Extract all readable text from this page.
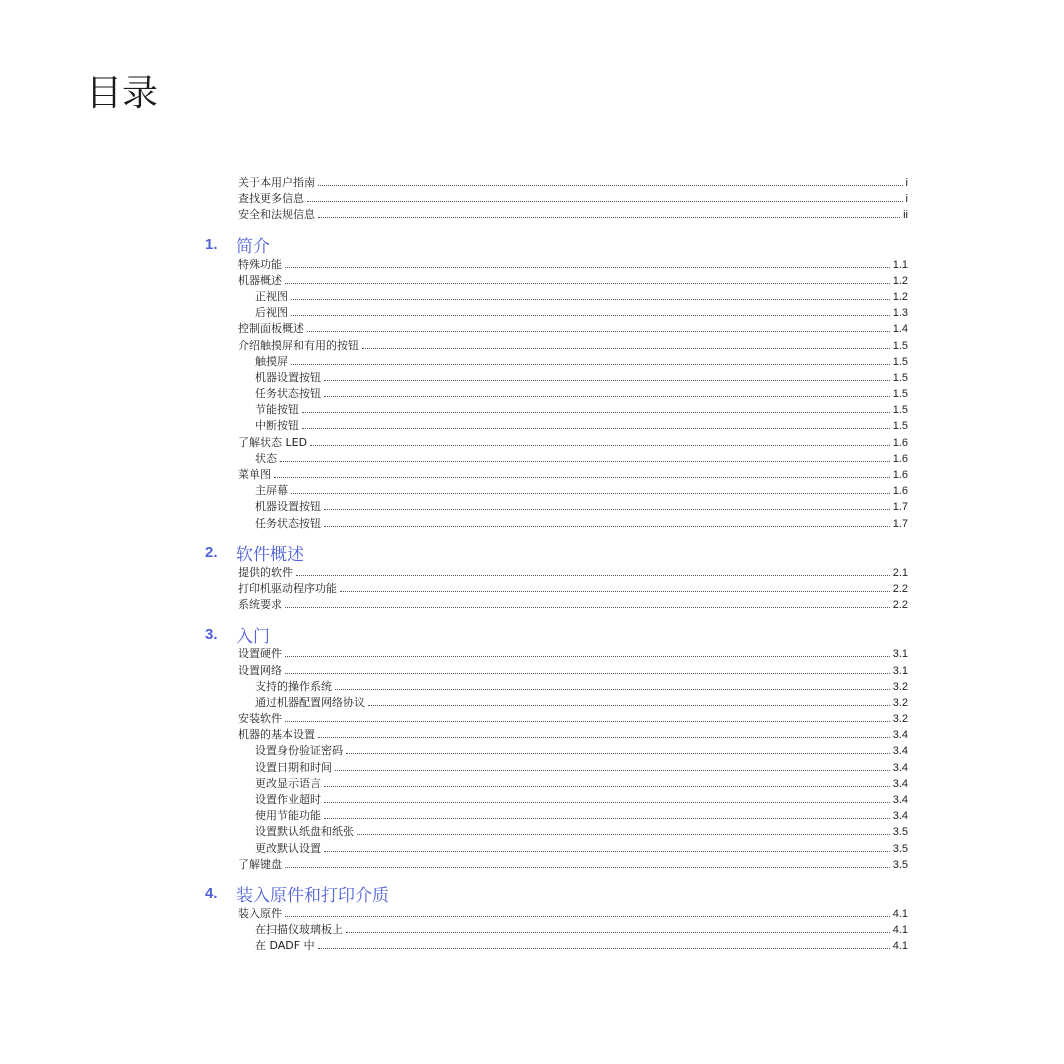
目录
关于本用户指南	i
查找更多信息	i
安全和法规信息	ii
1.	简介
特殊功能	1.1
机器概述	1.2
正视图	1.2
后视图	1.3
控制面板概述	1.4
介绍触摸屏和有用的按钮	1.5
触摸屏	1.5
机器设置按钮	1.5
任务状态按钮	1.5
节能按钮	1.5
中断按钮	1.5
了解状态 LED	1.6
状态	1.6
菜单图	1.6
主屏幕	1.6
机器设置按钮	1.7
任务状态按钮	1.7
2.	软件概述
提供的软件	2.1
打印机驱动程序功能	2.2
系统要求	2.2
3.	入门
设置硬件	3.1
设置网络	3.1
支持的操作系统	3.2
通过机器配置网络协议	3.2
安装软件	3.2
机器的基本设置	3.4
设置身份验证密码	3.4
设置日期和时间	3.4
更改显示语言	3.4
设置作业超时	3.4
使用节能功能	3.4
设置默认纸盘和纸张	3.5
更改默认设置	3.5
了解键盘	3.5
4.	装入原件和打印介质
装入原件	4.1
在扫描仪玻璃板上	4.1
在 DADF 中	4.1
